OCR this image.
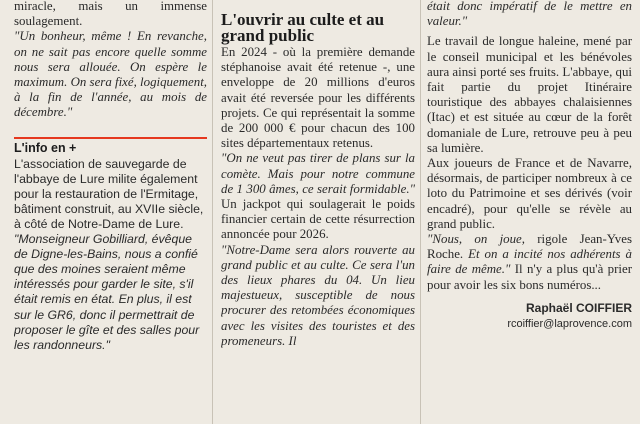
miracle, mais un immense soulagement.

"Un bonheur, même ! En revanche, on ne sait pas encore quelle somme nous sera allouée. On espère le maximum. On sera fixé, logiquement, à la fin de l'année, au mois de décembre."

L'info en +

L'association de sauvegarde de l'abbaye de Lure milite également pour la restauration de l'Ermitage, bâtiment construit, au XVIIe siècle, à côté de Notre-Dame de Lure.

"Monseigneur Gobilliard, évêque de Digne-les-Bains, nous a confié que des moines seraient même intéressés pour garder le site, s'il était remis en état. En plus, il est sur le GR6, donc il permettrait de proposer le gîte et des salles pour les randonneurs."

L'ouvrir au culte et au grand public

En 2024 - où la première demande stéphanoise avait été retenue -, une enveloppe de 20 millions d'euros avait été reversée pour les différents projets. Ce qui représentait la somme de 200 000 € pour chacun des 100 sites départementaux retenus.

"On ne veut pas tirer de plans sur la comète. Mais pour notre commune de 1 300 âmes, ce serait formidable." Un jackpot qui soulagerait le poids financier certain de cette résurrection annoncée pour 2026.

"Notre-Dame sera alors rouverte au grand public et au culte. Ce sera l'un des lieux phares du 04. Un lieu majestueux, susceptible de nous procurer des retombées économiques avec les visites des touristes et des promeneurs. Il

était donc impératif de le mettre en valeur."

Le travail de longue haleine, mené par le conseil municipal et les bénévoles aura ainsi porté ses fruits. L'abbaye, qui fait partie du projet Itinéraire touristique des abbayes chalaisiennes (Itac) et est située au cœur de la forêt domaniale de Lure, retrouve peu à peu sa lumière.

Aux joueurs de France et de Navarre, désormais, de participer nombreux à ce loto du Patrimoine et ses dérivés (voir encadré), pour qu'elle se révèle au grand public.

"Nous, on joue, rigole Jean-Yves Roche. Et on a incité nos adhérents à faire de même." Il n'y a plus qu'à prier pour avoir les six bons numéros...

Raphaël COIFFIER
rcoiffier@laprovence.com
